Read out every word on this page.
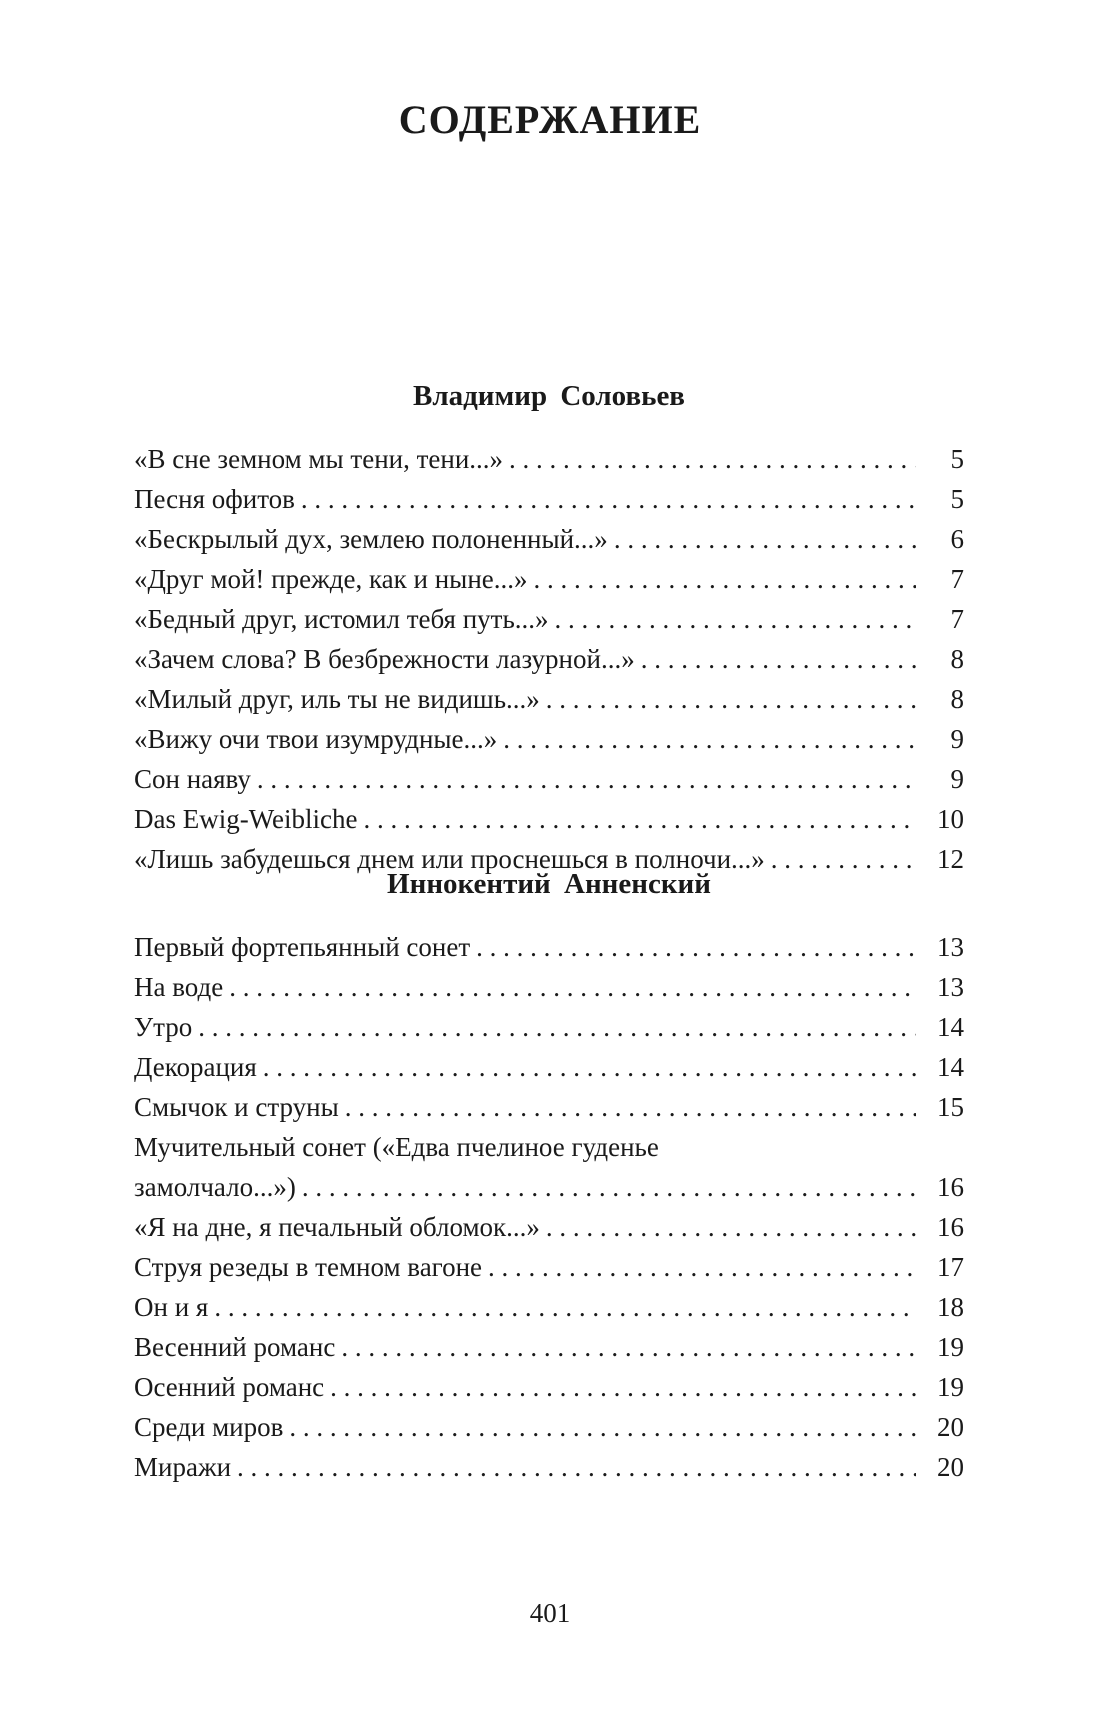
СОДЕРЖАНИЕ
Владимир Соловьев
«В сне земном мы тени, тени...» . . .	5
Песня офитов . . .	5
«Бескрылый дух, землею полоненный...» . . .	6
«Друг мой! прежде, как и ныне...» . . .	7
«Бедный друг, истомил тебя путь...» . . .	7
«Зачем слова? В безбрежности лазурной...» . . .	8
«Милый друг, иль ты не видишь...» . . .	8
«Вижу очи твои изумрудные...» . . .	9
Сон наяву . . .	9
Das Ewig-Weibliche . . .	10
«Лишь забудешься днем или проснешься в полночи...» . . .	12
Иннокентий Анненский
Первый фортепьянный сонет . . .	13
На воде . . .	13
Утро . . .	14
Декорация . . .	14
Смычок и струны . . .	15
Мучительный сонет («Едва пчелиное гуденье
замолчало...») . . .	16
«Я на дне, я печальный обломок...» . . .	16
Струя резеды в темном вагоне . . .	17
Он и я . . .	18
Весенний романс . . .	19
Осенний романс . . .	19
Среди миров . . .	20
Миражи . . .	20
401
